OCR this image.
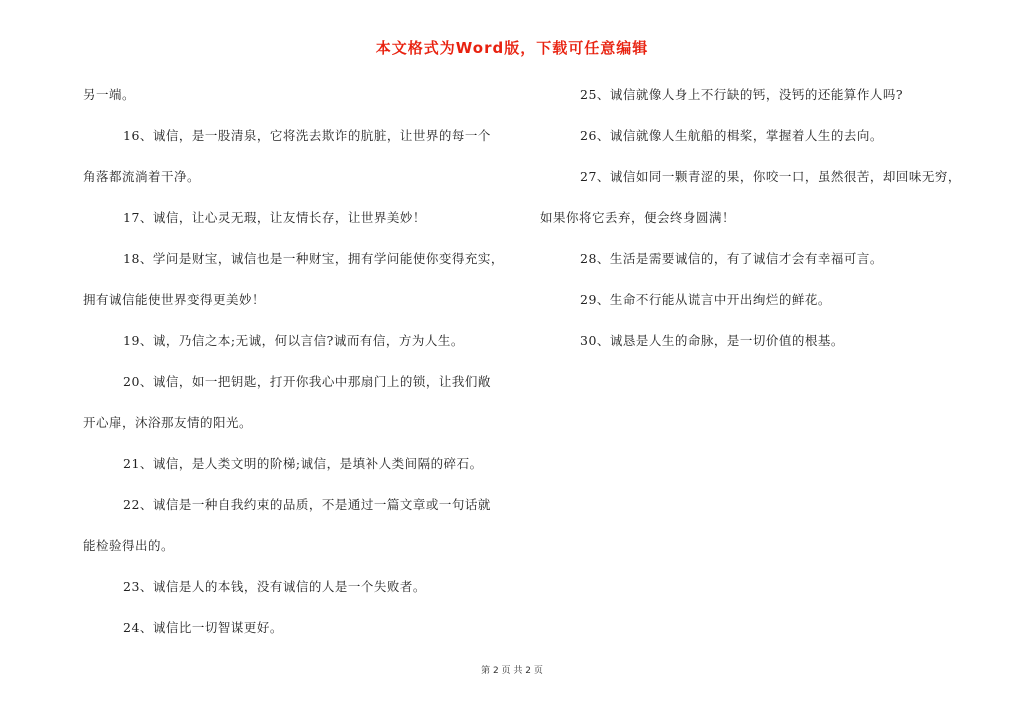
本文格式为Word版，下载可任意编辑
另一端。
16、诚信，是一股清泉，它将洗去欺诈的肮脏，让世界的每一个
角落都流淌着干净。
17、诚信，让心灵无瑕，让友情长存，让世界美妙！
18、学问是财宝，诚信也是一种财宝，拥有学问能使你变得充实，
拥有诚信能使世界变得更美妙！
19、诚，乃信之本;无诚，何以言信?诚而有信，方为人生。
20、诚信，如一把钥匙，打开你我心中那扇门上的锁，让我们敞
开心扉，沐浴那友情的阳光。
21、诚信，是人类文明的阶梯;诚信，是填补人类间隔的碎石。
22、诚信是一种自我约束的品质，不是通过一篇文章或一句话就
能检验得出的。
23、诚信是人的本钱，没有诚信的人是一个失败者。
24、诚信比一切智谋更好。
25、诚信就像人身上不行缺的钙，没钙的还能算作人吗?
26、诚信就像人生航船的楫桨，掌握着人生的去向。
27、诚信如同一颗青涩的果，你咬一口，虽然很苦，却回味无穷，
如果你将它丢弃，便会终身圆满！
28、生活是需要诚信的，有了诚信才会有幸福可言。
29、生命不行能从谎言中开出绚烂的鲜花。
30、诚恳是人生的命脉，是一切价值的根基。
第 2 页 共 2 页
